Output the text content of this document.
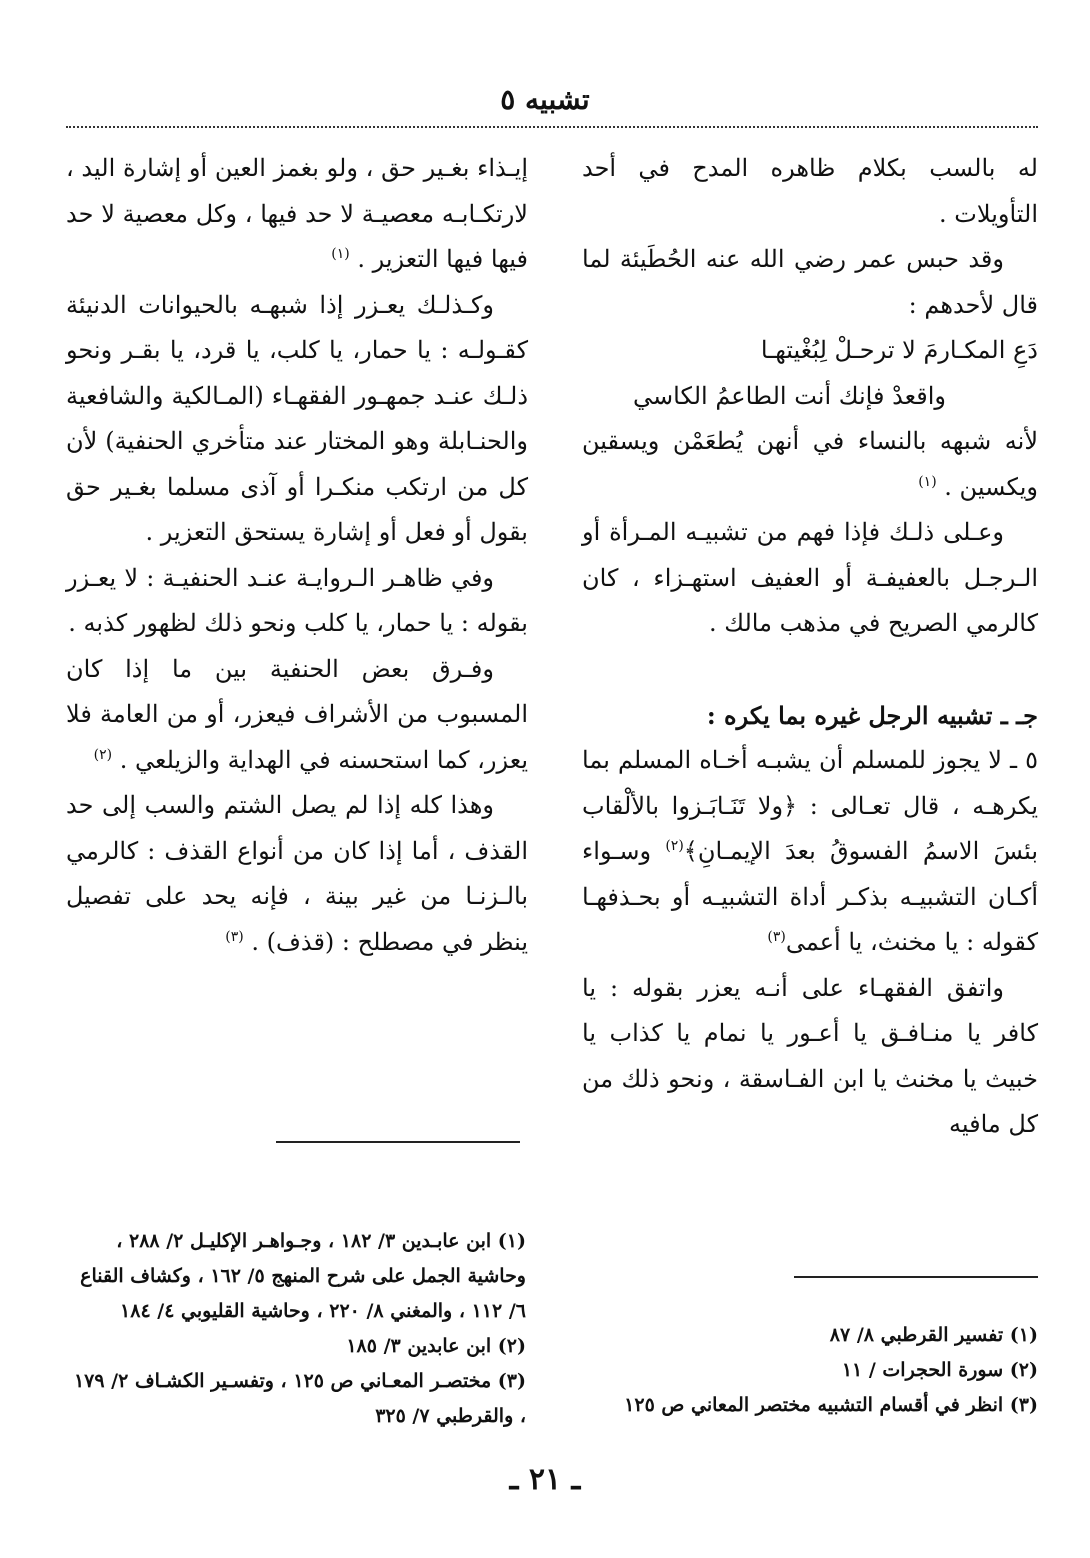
تشبيه ٥

له بالسب بكلام ظاهره المدح في أحد التأويلات .

وقد حبس عمر رضي الله عنه الحُطَيئة لما قال لأحدهم :

دَعِ المكـارمَ لا ترحـلْ لِبُغْيتهـا

واقعدْ فإنك أنت الطاعمُ الكاسي

لأنه شبهه بالنساء في أنهن يُطعَمْن ويسقين ويكسين . $^{(١)}$

وعـلى ذلـك فإذا فهم من تشبيـه المـرأة أو الـرجـل بالعفيفـة أو العفيف استهـزاء ، كان كالرمي الصريح في مذهب مالك .

جـ ـ تشبيه الرجل غيره بما يكره :

٥ ـ لا يجوز للمسلم أن يشبـه أخـاه المسلم بما يكرهـه ، قال تعـالى : ﴿ولا تَنَـابَـزوا بالألْقاب بئسَ الاسمُ الفسوقُ بعدَ الإيمـانِ﴾$^{(٢)}$ وسـواء أكـان التشبيـه بذكـر أداة التشبيـه أو بحـذفهـا كقوله : يا مخنث، يا أعمى$^{(٣)}$

واتفق الفقهـاء على أنـه يعزر بقوله : يا كافر يا منـافـق يا أعـور يا نمام يا كذاب يا خبيث يا مخنث يا ابن الفـاسقة ، ونحو ذلك من كل مافيه

إيـذاء بغـير حق ، ولو بغمز العين أو إشارة اليد ، لارتكـابـه معصيـة لا حد فيها ، وكل معصية لا حد فيها فيها التعزير . $^{(١)}$

وكـذلـك يعـزر إذا شبهـه بالحيوانات الدنيئة كقـولـه : يا حمار، يا كلب، يا قرد، يا بقـر ونحو ذلـك عنـد جمهـور الفقهـاء (المـالكية والشافعية والحنـابلة وهو المختار عند متأخري الحنفية) لأن كل من ارتكب منكـرا أو آذى مسلما بغـير حق بقول أو فعل أو إشارة يستحق التعزير .

وفي ظاهـر الـروايـة عنـد الحنفيـة : لا يعـزر بقوله : يا حمار، يا كلب ونحو ذلك لظهور كذبه .

وفـرق بعض الحنفية بين ما إذا كان المسبوب من الأشراف فيعزر، أو من العامة فلا يعزر، كما استحسنه في الهداية والزيلعي . $^{(٢)}$

وهذا كله إذا لم يصل الشتم والسب إلى حد القذف ، أما إذا كان من أنواع القذف : كالرمي بالـزنـا من غير بينة ، فإنه يحد على تفصيل ينظر في مصطلح : (قذف) . $^{(٣)}$

(١) ابن عابـدين ٣/ ١٨٢ ، وجـواهـر الإكليـل ٢/ ٢٨٨ ، وحاشية الجمل على شرح المنهج ٥/ ١٦٢ ، وكشاف القناع ٦/ ١١٢ ، والمغني ٨/ ٢٢٠ ، وحاشية القليوبي ٤/ ١٨٤

(٢) ابن عابدين ٣/ ١٨٥

(٣) مختصـر المعـاني ص ١٢٥ ، وتفسـير الكشـاف ٢/ ١٧٩ ، والقرطبي ٧/ ٣٢٥

(١) تفسير القرطبي ٨/ ٨٧

(٢) سورة الحجرات / ١١

(٣) انظر في أقسام التشبيه مختصر المعاني ص ١٢٥

ـ ٢١ ـ
